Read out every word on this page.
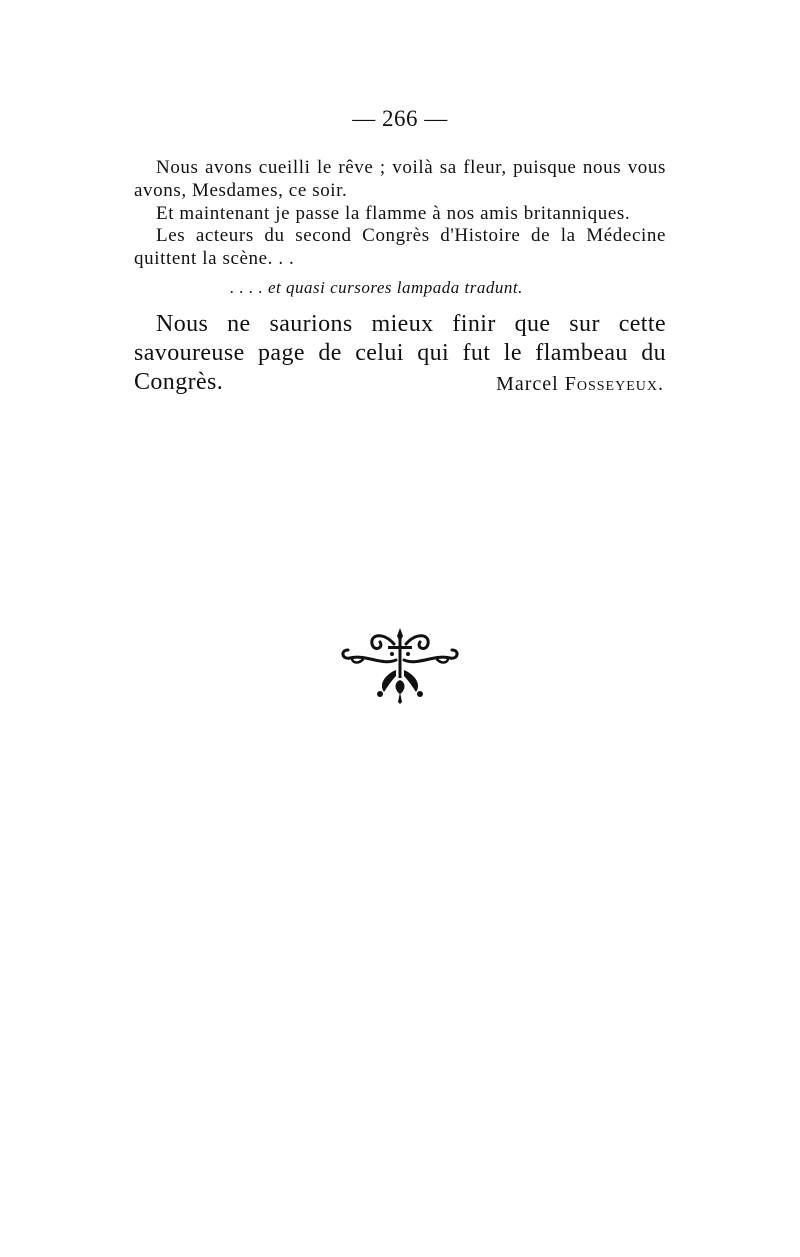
— 266 —

Nous avons cueilli le rêve ; voilà sa fleur, puisque nous vous avons, Mesdames, ce soir.

Et maintenant je passe la flamme à nos amis britanniques.

Les acteurs du second Congrès d'Histoire de la Médecine quittent la scène. . .

. . . . et quasi cursores lampada tradunt.

Nous ne saurions mieux finir que sur cette savoureuse page de celui qui fut le flambeau du Congrès.	Marcel Fosseyeux.
